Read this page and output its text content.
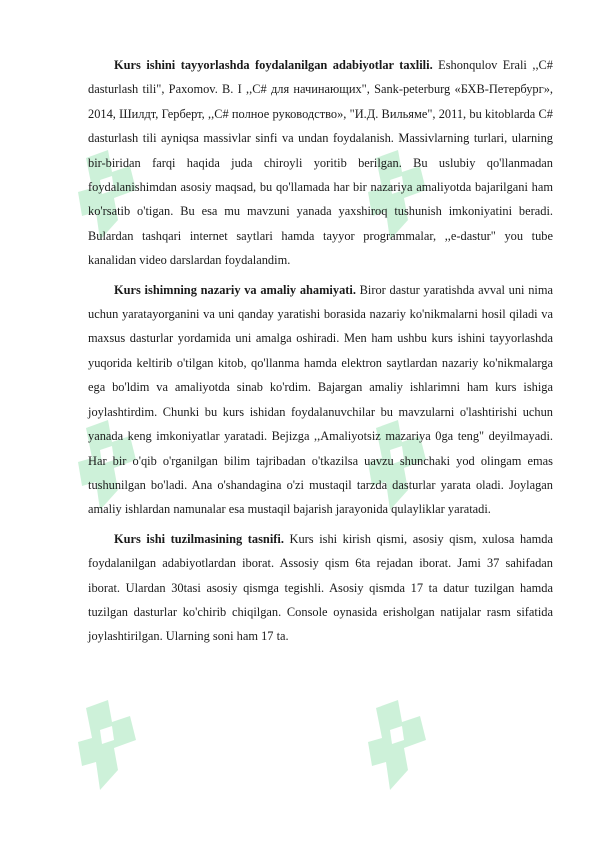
Kurs ishini tayyorlashda foydalanilgan adabiyotlar taxlili. Eshonqulov Erali ,,C# dasturlash tili", Paxomov. B. I ,,C# для начинающих", Sank-peterburg «БХВ-Петербург», 2014, Шилдт, Герберт, ,,C# полное руководство», "И.Д. Вильяме", 2011, bu kitoblarda C# dasturlash tili ayniqsa massivlar sinfi va undan foydalanish. Massivlarning turlari, ularning bir-biridan farqi haqida juda chiroyli yoritib berilgan. Bu uslubiy qo'llanmadan foydalanishimdan asosiy maqsad, bu qo'llamada har bir nazariya amaliyotda bajarilgani ham ko'rsatib o'tigan. Bu esa mu mavzuni yanada yaxshiroq tushunish imkoniyatini beradi. Bulardan tashqari internet saytlari hamda tayyor programmalar, ,,e-dastur" you tube kanalidan video darslardan foydalandim.

Kurs ishimning nazariy va amaliy ahamiyati. Biror dastur yaratishda avval uni nima uchun yaratayorganini va uni qanday yaratishi borasida nazariy ko'nikmalarni hosil qiladi va maxsus dasturlar yordamida uni amalga oshiradi. Men ham ushbu kurs ishini tayyorlashda yuqorida keltirib o'tilgan kitob, qo'llanma hamda elektron saytlardan nazariy ko'nikmalarga ega bo'ldim va amaliyotda sinab ko'rdim. Bajargan amaliy ishlarimni ham kurs ishiga joylashtirdim. Chunki bu kurs ishidan foydalanuvchilar bu mavzularni o'lashtirishi uchun yanada keng imkoniyatlar yaratadi. Bejizga ,,Amaliyotsiz mazariya 0ga teng" deyilmayadi. Har bir o'qib o'rganilgan bilim tajribadan o'tkazilsa uavzu shunchaki yod olingam emas tushunilgan bo'ladi. Ana o'shandagina o'zi mustaqil tarzda dasturlar yarata oladi. Joylagan amaliy ishlardan namunalar esa mustaqil bajarish jarayonida qulayliklar yaratadi.

Kurs ishi tuzilmasining tasnifi. Kurs ishi kirish qismi, asosiy qism, xulosa hamda foydalanilgan adabiyotlardan iborat. Assosiy qism 6ta rejadan iborat. Jami 37 sahifadan iborat. Ulardan 30tasi asosiy qismga tegishli. Asosiy qismda 17 ta datur tuzilgan hamda tuzilgan dasturlar ko'chirib chiqilgan. Console oynasida erisholgan natijalar rasm sifatida joylashtirilgan. Ularning soni ham 17 ta.
